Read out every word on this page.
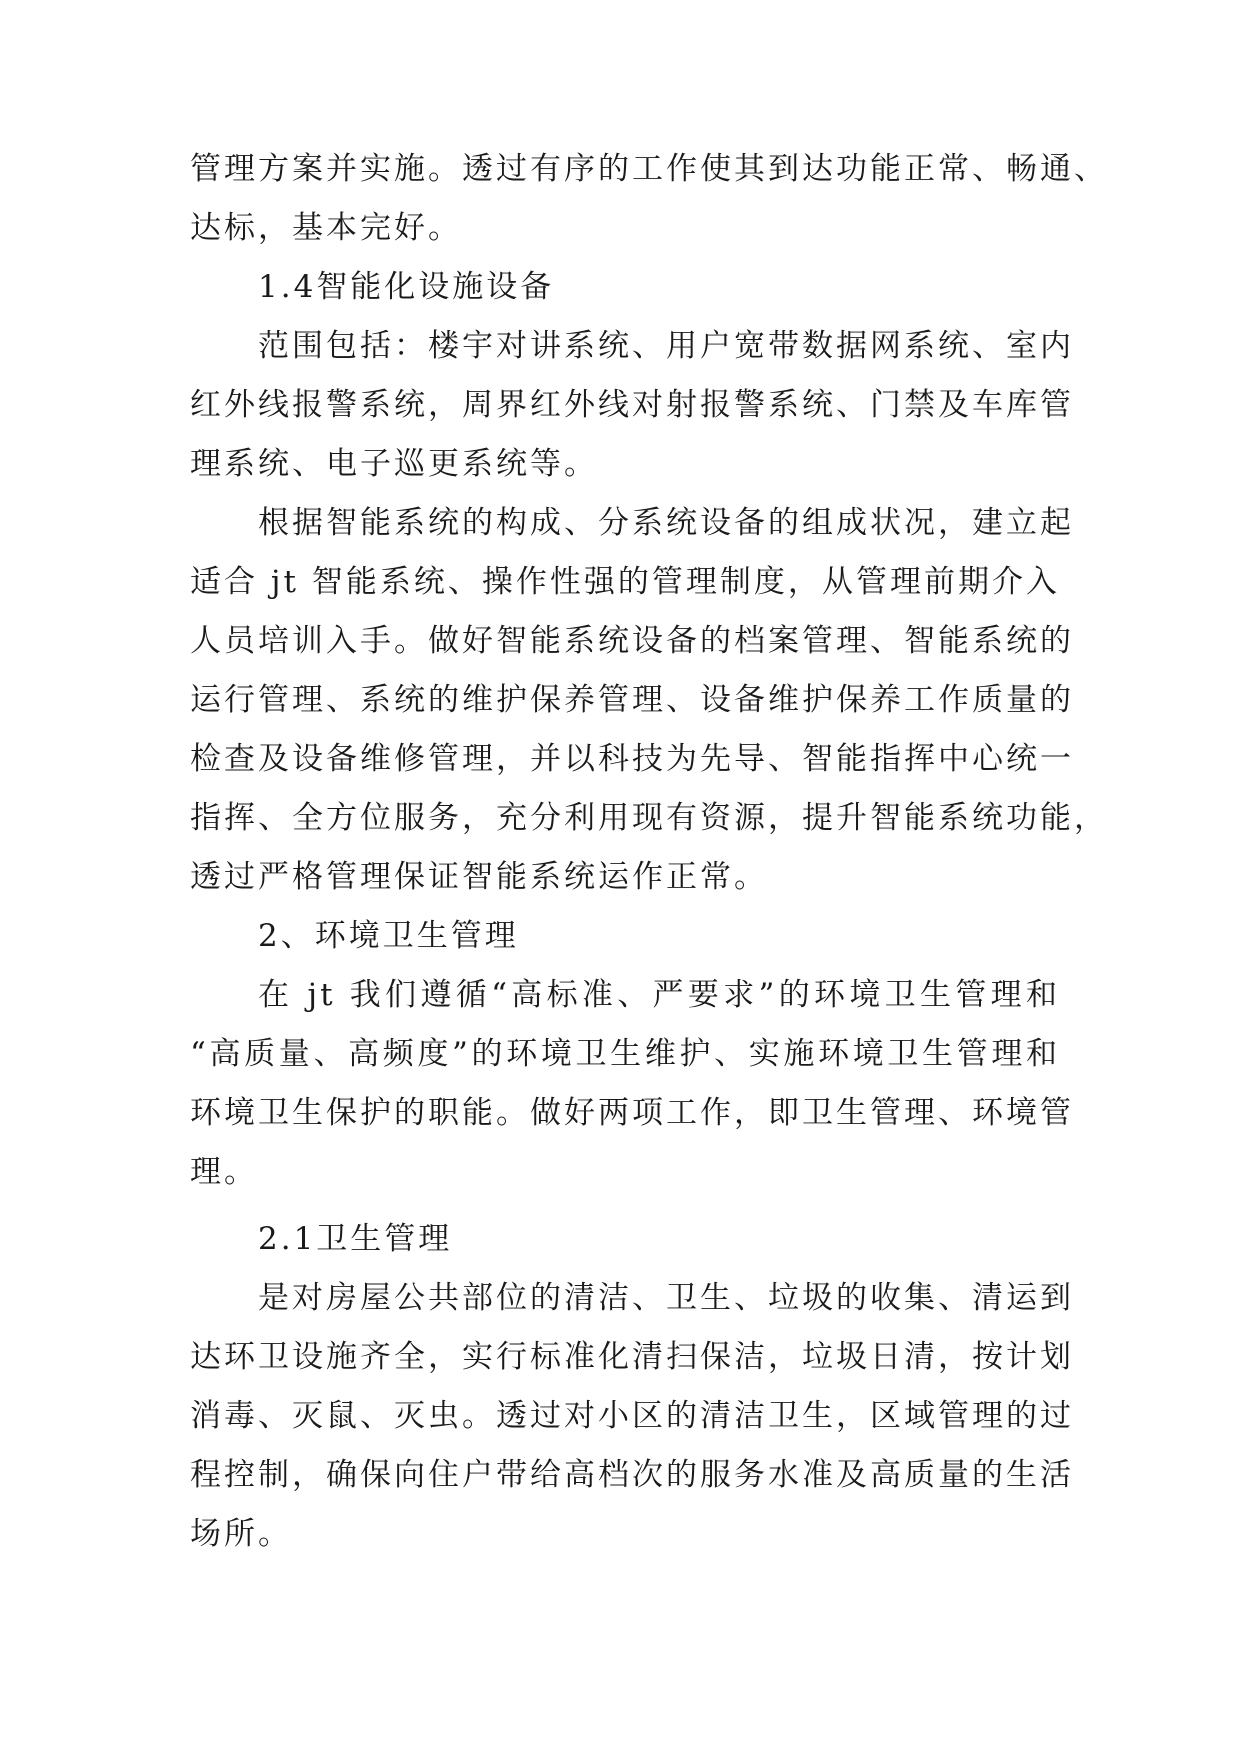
管理方案并实施。透过有序的工作使其到达功能正常、畅通、
达标，基本完好。
1.4智能化设施设备
范围包括：楼宇对讲系统、用户宽带数据网系统、室内
红外线报警系统，周界红外线对射报警系统、门禁及车库管
理系统、电子巡更系统等。
根据智能系统的构成、分系统设备的组成状况，建立起
适合 jt 智能系统、操作性强的管理制度，从管理前期介入
人员培训入手。做好智能系统设备的档案管理、智能系统的
运行管理、系统的维护保养管理、设备维护保养工作质量的
检查及设备维修管理，并以科技为先导、智能指挥中心统一
指挥、全方位服务，充分利用现有资源，提升智能系统功能，
透过严格管理保证智能系统运作正常。
2、环境卫生管理
在 jt 我们遵循“高标准、严要求”的环境卫生管理和
“高质量、高频度”的环境卫生维护、实施环境卫生管理和
环境卫生保护的职能。做好两项工作，即卫生管理、环境管
理。
2.1卫生管理
是对房屋公共部位的清洁、卫生、垃圾的收集、清运到
达环卫设施齐全，实行标准化清扫保洁，垃圾日清，按计划
消毒、灭鼠、灭虫。透过对小区的清洁卫生，区域管理的过
程控制，确保向住户带给高档次的服务水准及高质量的生活
场所。
